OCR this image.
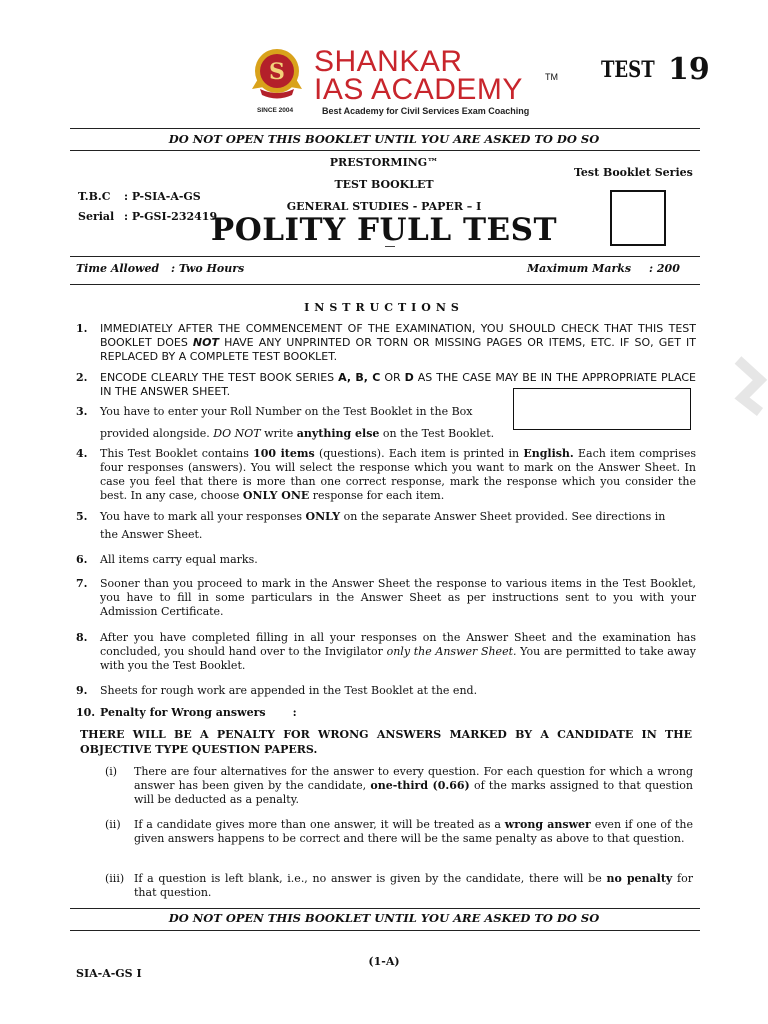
S
SINCE 2004
SHANKAR
IAS ACADEMY TM
Best Academy for Civil Services Exam Coaching
TEST 19
DO NOT OPEN THIS BOOKLET UNTIL YOU ARE ASKED TO DO SO
PRESTORMING™
TEST BOOKLET
GENERAL STUDIES - PAPER – I
Test Booklet Series
T.B.C : P-SIA-A-GS
Serial : P-GSI-232419
POLITY FULL TEST
Time Allowed : Two Hours	Maximum Marks : 200
INSTRUCTIONS
1. IMMEDIATELY AFTER THE COMMENCEMENT OF THE EXAMINATION, YOU SHOULD CHECK THAT THIS TEST BOOKLET DOES NOT HAVE ANY UNPRINTED OR TORN OR MISSING PAGES OR ITEMS, ETC. IF SO, GET IT REPLACED BY A COMPLETE TEST BOOKLET.
2. ENCODE CLEARLY THE TEST BOOK SERIES A, B, C OR D AS THE CASE MAY BE IN THE APPROPRIATE PLACE IN THE ANSWER SHEET.
3. You have to enter your Roll Number on the Test Booklet in the Box
provided alongside. DO NOT write anything else on the Test Booklet.
4. This Test Booklet contains 100 items (questions). Each item is printed in English. Each item comprises four responses (answers). You will select the response which you want to mark on the Answer Sheet. In case you feel that there is more than one correct response, mark the response which you consider the best. In any case, choose ONLY ONE response for each item.
5. You have to mark all your responses ONLY on the separate Answer Sheet provided. See directions in
the Answer Sheet.
6. All items carry equal marks.
7. Sooner than you proceed to mark in the Answer Sheet the response to various items in the Test Booklet, you have to fill in some particulars in the Answer Sheet as per instructions sent to you with your Admission Certificate.
8. After you have completed filling in all your responses on the Answer Sheet and the examination has concluded, you should hand over to the Invigilator only the Answer Sheet. You are permitted to take away with you the Test Booklet.
9. Sheets for rough work are appended in the Test Booklet at the end.
10. Penalty for Wrong answers :
THERE WILL BE A PENALTY FOR WRONG ANSWERS MARKED BY A CANDIDATE IN THE OBJECTIVE TYPE QUESTION PAPERS.
(i) There are four alternatives for the answer to every question. For each question for which a wrong answer has been given by the candidate, one-third (0.66) of the marks assigned to that question will be deducted as a penalty.
(ii) If a candidate gives more than one answer, it will be treated as a wrong answer even if one of the given answers happens to be correct and there will be the same penalty as above to that question.
(iii) If a question is left blank, i.e., no answer is given by the candidate, there will be no penalty for that question.
DO NOT OPEN THIS BOOKLET UNTIL YOU ARE ASKED TO DO SO
(1-A)
SIA-A-GS I
